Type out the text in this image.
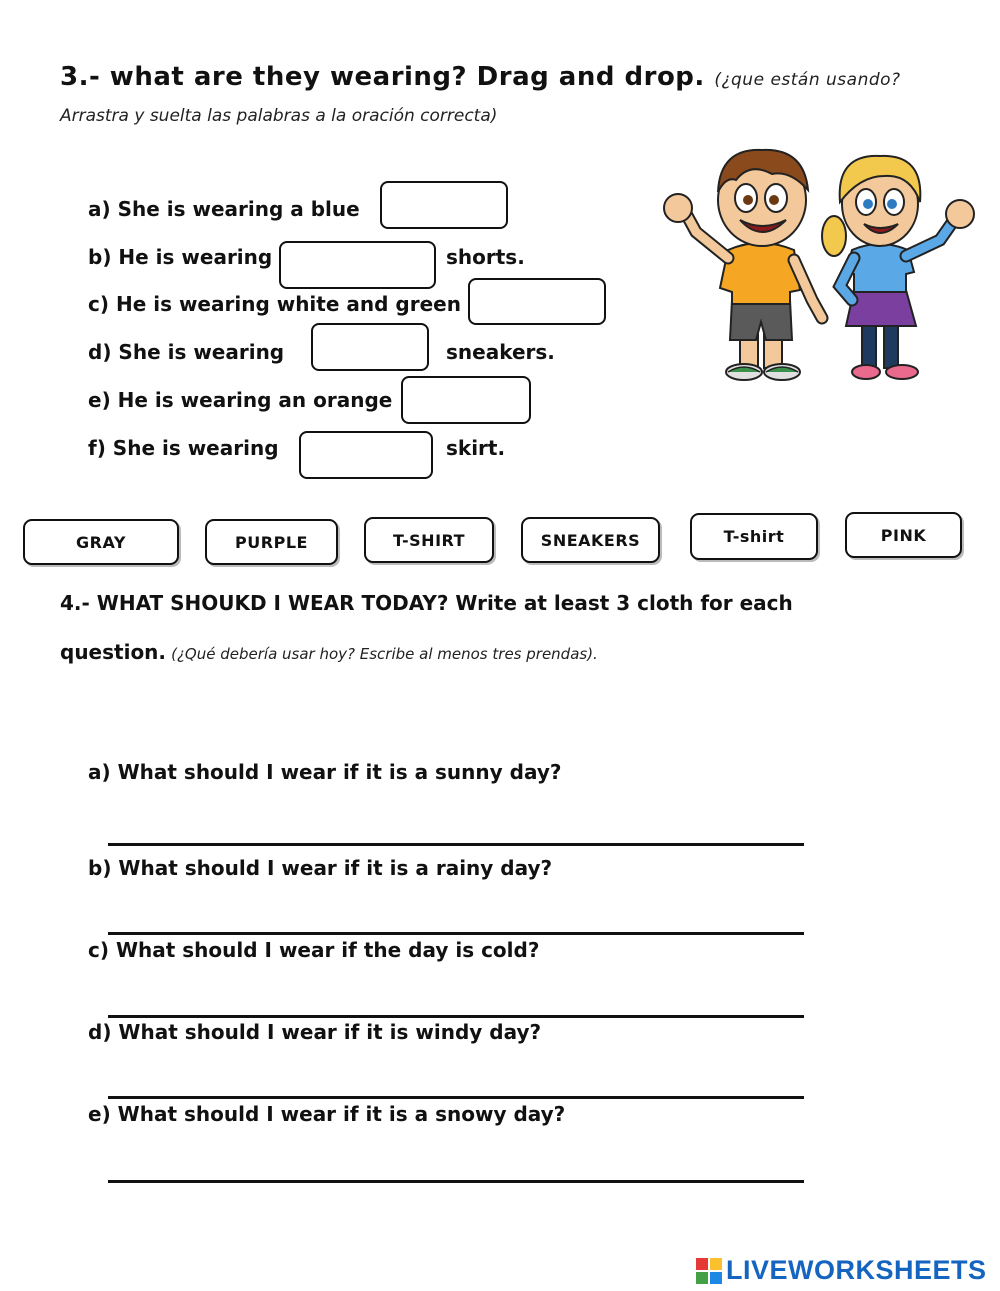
3.- what are they wearing? Drag and drop. (¿que están usando?
Arrastra y suelta las palabras a la oración correcta)
a) She is wearing a blue
b) He is wearing	shorts.
c) He is wearing white and green
d) She is wearing	sneakers.
e) He is wearing an orange
f) She is wearing	skirt.
GRAY	PURPLE	T-SHIRT	SNEAKERS	T-shirt	PINK
4.- WHAT SHOUKD I WEAR TODAY? Write at least 3 cloth for each
question. (¿Qué debería usar hoy? Escribe al menos tres prendas).
a) What should I wear if it is a sunny day?
b) What should I wear if it is a rainy day?
c) What should I wear if the day is cold?
d) What should I wear if it is windy day?
e) What should I wear if it is a snowy day?
LIVEWORKSHEETS
